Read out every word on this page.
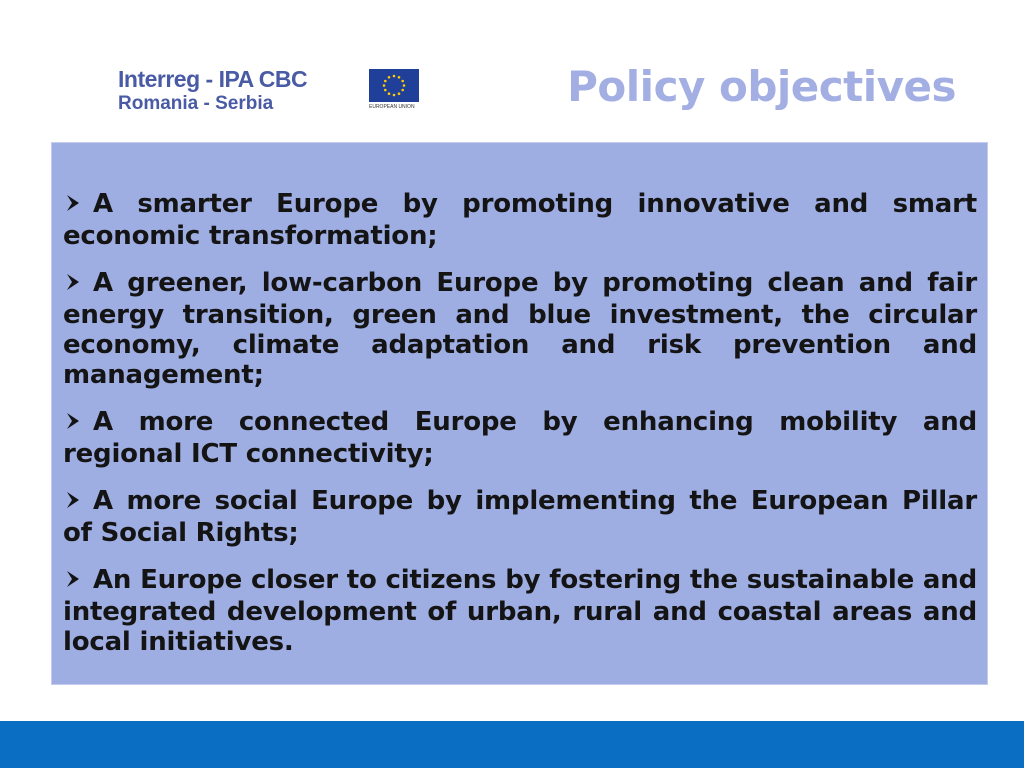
Interreg - IPA CBC
Romania - Serbia	EUROPEAN UNION	Policy objectives
A smarter Europe by promoting innovative and smart economic transformation;
A greener, low-carbon Europe by promoting clean and fair energy transition, green and blue investment, the circular economy, climate adaptation and risk prevention and management;
A more connected Europe by enhancing mobility and regional ICT connectivity;
A more social Europe by implementing the European Pillar of Social Rights;
An Europe closer to citizens by fostering the sustainable and integrated development of urban, rural and coastal areas and local initiatives.
